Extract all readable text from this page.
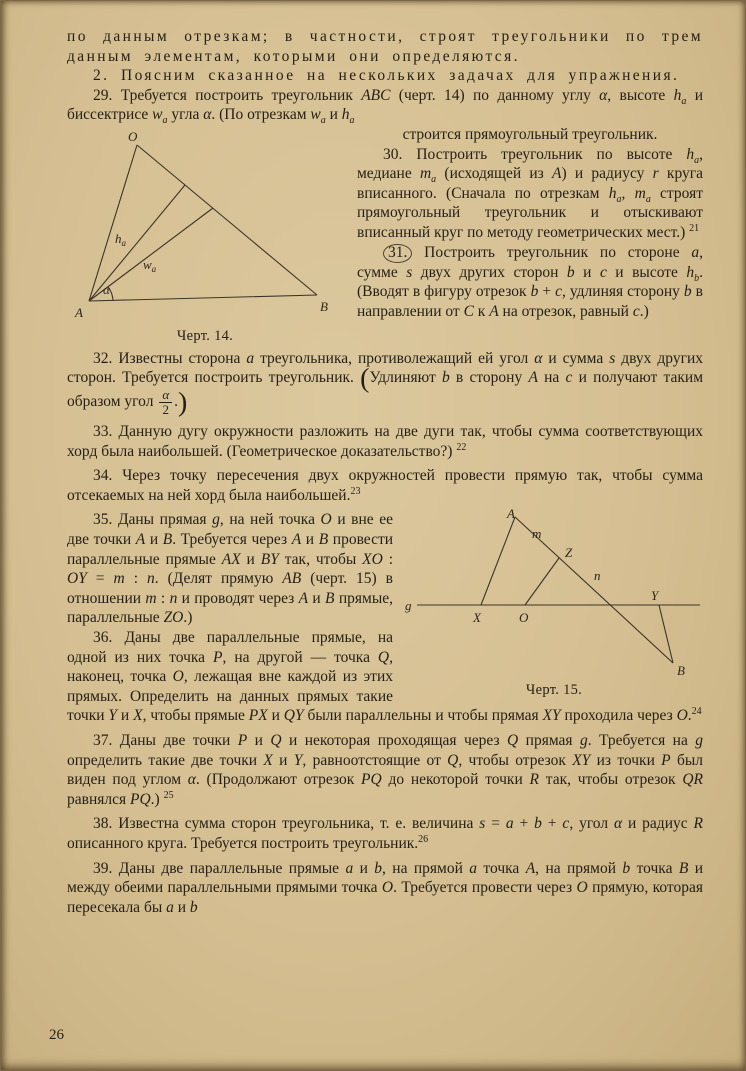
по данным отрезкам; в частности, строят треугольники по трем данным элементам, которыми они определяются.

2. Поясним сказанное на нескольких задачах для упражнения.

29. Требуется построить треугольник ABC (черт. 14) по данному углу α, высоте $h_a$ и биссектрисе $w_a$ угла α. (По отрезкам $w_a$ и $h_a$

O
A	B
α
$h_a$
$w_a$
Черт. 14.

строится прямоугольный треугольник.

30. Построить треугольник по высоте $h_a$, медиане $m_a$ (исходящей из A) и радиусу r круга вписанного. (Сначала по отрезкам $h_a$, $m_a$ строят прямоугольный треугольник и отыскивают вписанный круг по методу геометрических мест.) $^{21}$

31. Построить треугольник по стороне a, сумме s двух других сторон b и c и высоте $h_b$. (Вводят в фигуру отрезок b + c, удлиняя сторону b в направлении от C к A на отрезок, равный c.)

32. Известны сторона a треугольника, противолежащий ей угол α и сумма s двух других сторон. Требуется построить треугольник. (Удлиняют b в сторону A на c и получают таким образом угол $\frac{\alpha}{2}$ .)

33. Данную дугу окружности разложить на две дуги так, чтобы сумма соответствующих хорд была наибольшей. (Геометрическое доказательство?) $^{22}$

34. Через точку пересечения двух окружностей провести прямую так, чтобы сумма отсекаемых на ней хорд была наибольшей.$^{23}$

A
B
Z
m
n
g
X	O
Y
Черт. 15.

35. Даны прямая g, на ней точка O и вне ее две точки A и B. Требуется через A и B провести параллельные прямые AX и BY так, чтобы XO : OY = m : n. (Делят прямую AB (черт. 15) в отношении m : n и проводят через A и B прямые, параллельные ZO.)

36. Даны две параллельные прямые, на одной из них точка P, на другой — точка Q, наконец, точка O, лежащая вне каждой из этих прямых. Определить на данных прямых такие точки Y и X, чтобы прямые PX и QY были параллельны и чтобы прямая XY проходила через O.$^{24}$

37. Даны две точки P и Q и некоторая проходящая через Q прямая g. Требуется на g определить такие две точки X и Y, равноотстоящие от Q, чтобы отрезок XY из точки P был виден под углом α. (Продолжают отрезок PQ до некоторой точки R так, чтобы отрезок QR равнялся PQ.) $^{25}$

38. Известна сумма сторон треугольника, т. е. величина s = a + b + c, угол α и радиус R описанного круга. Требуется построить треугольник.$^{26}$

39. Даны две параллельные прямые a и b, на прямой a точка A, на прямой b точка B и между обеими параллельными прямыми точка O. Требуется провести через O прямую, которая пересекала бы a и b

26
